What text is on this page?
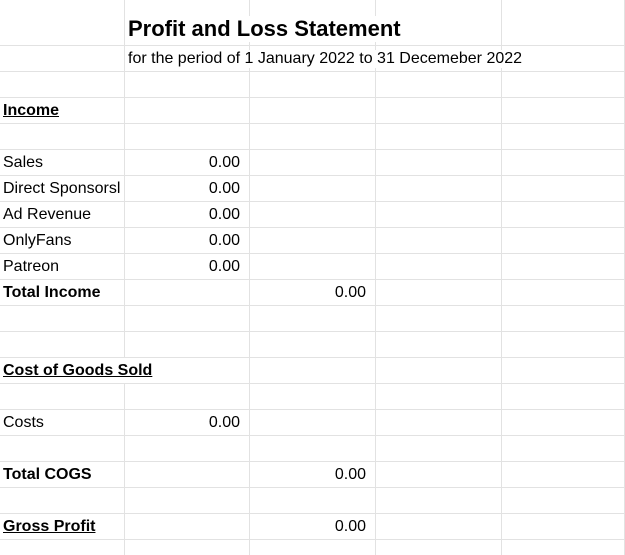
Profit and Loss Statement
for the period of 1 January 2022 to 31 Decemeber 2022
Income
Sales	0.00
Direct Sponsorsl	0.00
Ad Revenue	0.00
OnlyFans	0.00
Patreon	0.00
Total Income	0.00
Cost of Goods Sold
Costs	0.00
Total COGS	0.00
Gross Profit	0.00
